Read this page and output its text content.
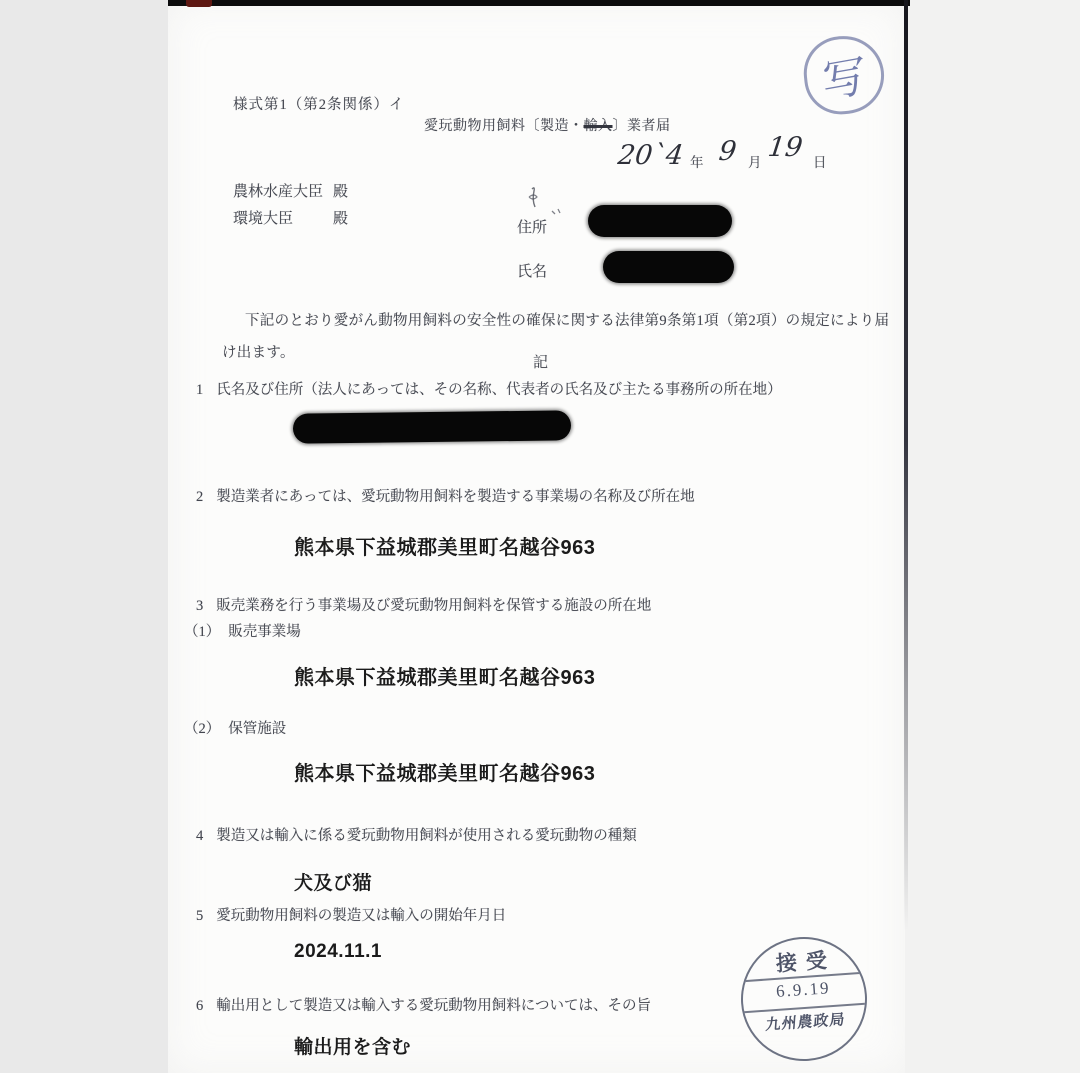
様式第1（第2条関係）イ
愛玩動物用飼料〔製造・輸入〕業者届
20`4 年 9 月 19 日
農林水産大臣 殿
環境大臣	殿
住所
氏名
下記のとおり愛がん動物用飼料の安全性の確保に関する法律第9条第1項（第2項）の規定により届
け出ます。
記
1 氏名及び住所（法人にあっては、その名称、代表者の氏名及び主たる事務所の所在地）
2 製造業者にあっては、愛玩動物用飼料を製造する事業場の名称及び所在地
熊本県下益城郡美里町名越谷963
3 販売業務を行う事業場及び愛玩動物用飼料を保管する施設の所在地
（1） 販売事業場
熊本県下益城郡美里町名越谷963
（2） 保管施設
熊本県下益城郡美里町名越谷963
4 製造又は輸入に係る愛玩動物用飼料が使用される愛玩動物の種類
犬及び猫
5 愛玩動物用飼料の製造又は輸入の開始年月日
2024.11.1
6 輸出用として製造又は輸入する愛玩動物用飼料については、その旨
輸出用を含む
写
接受
6.9.19
九州農政局
